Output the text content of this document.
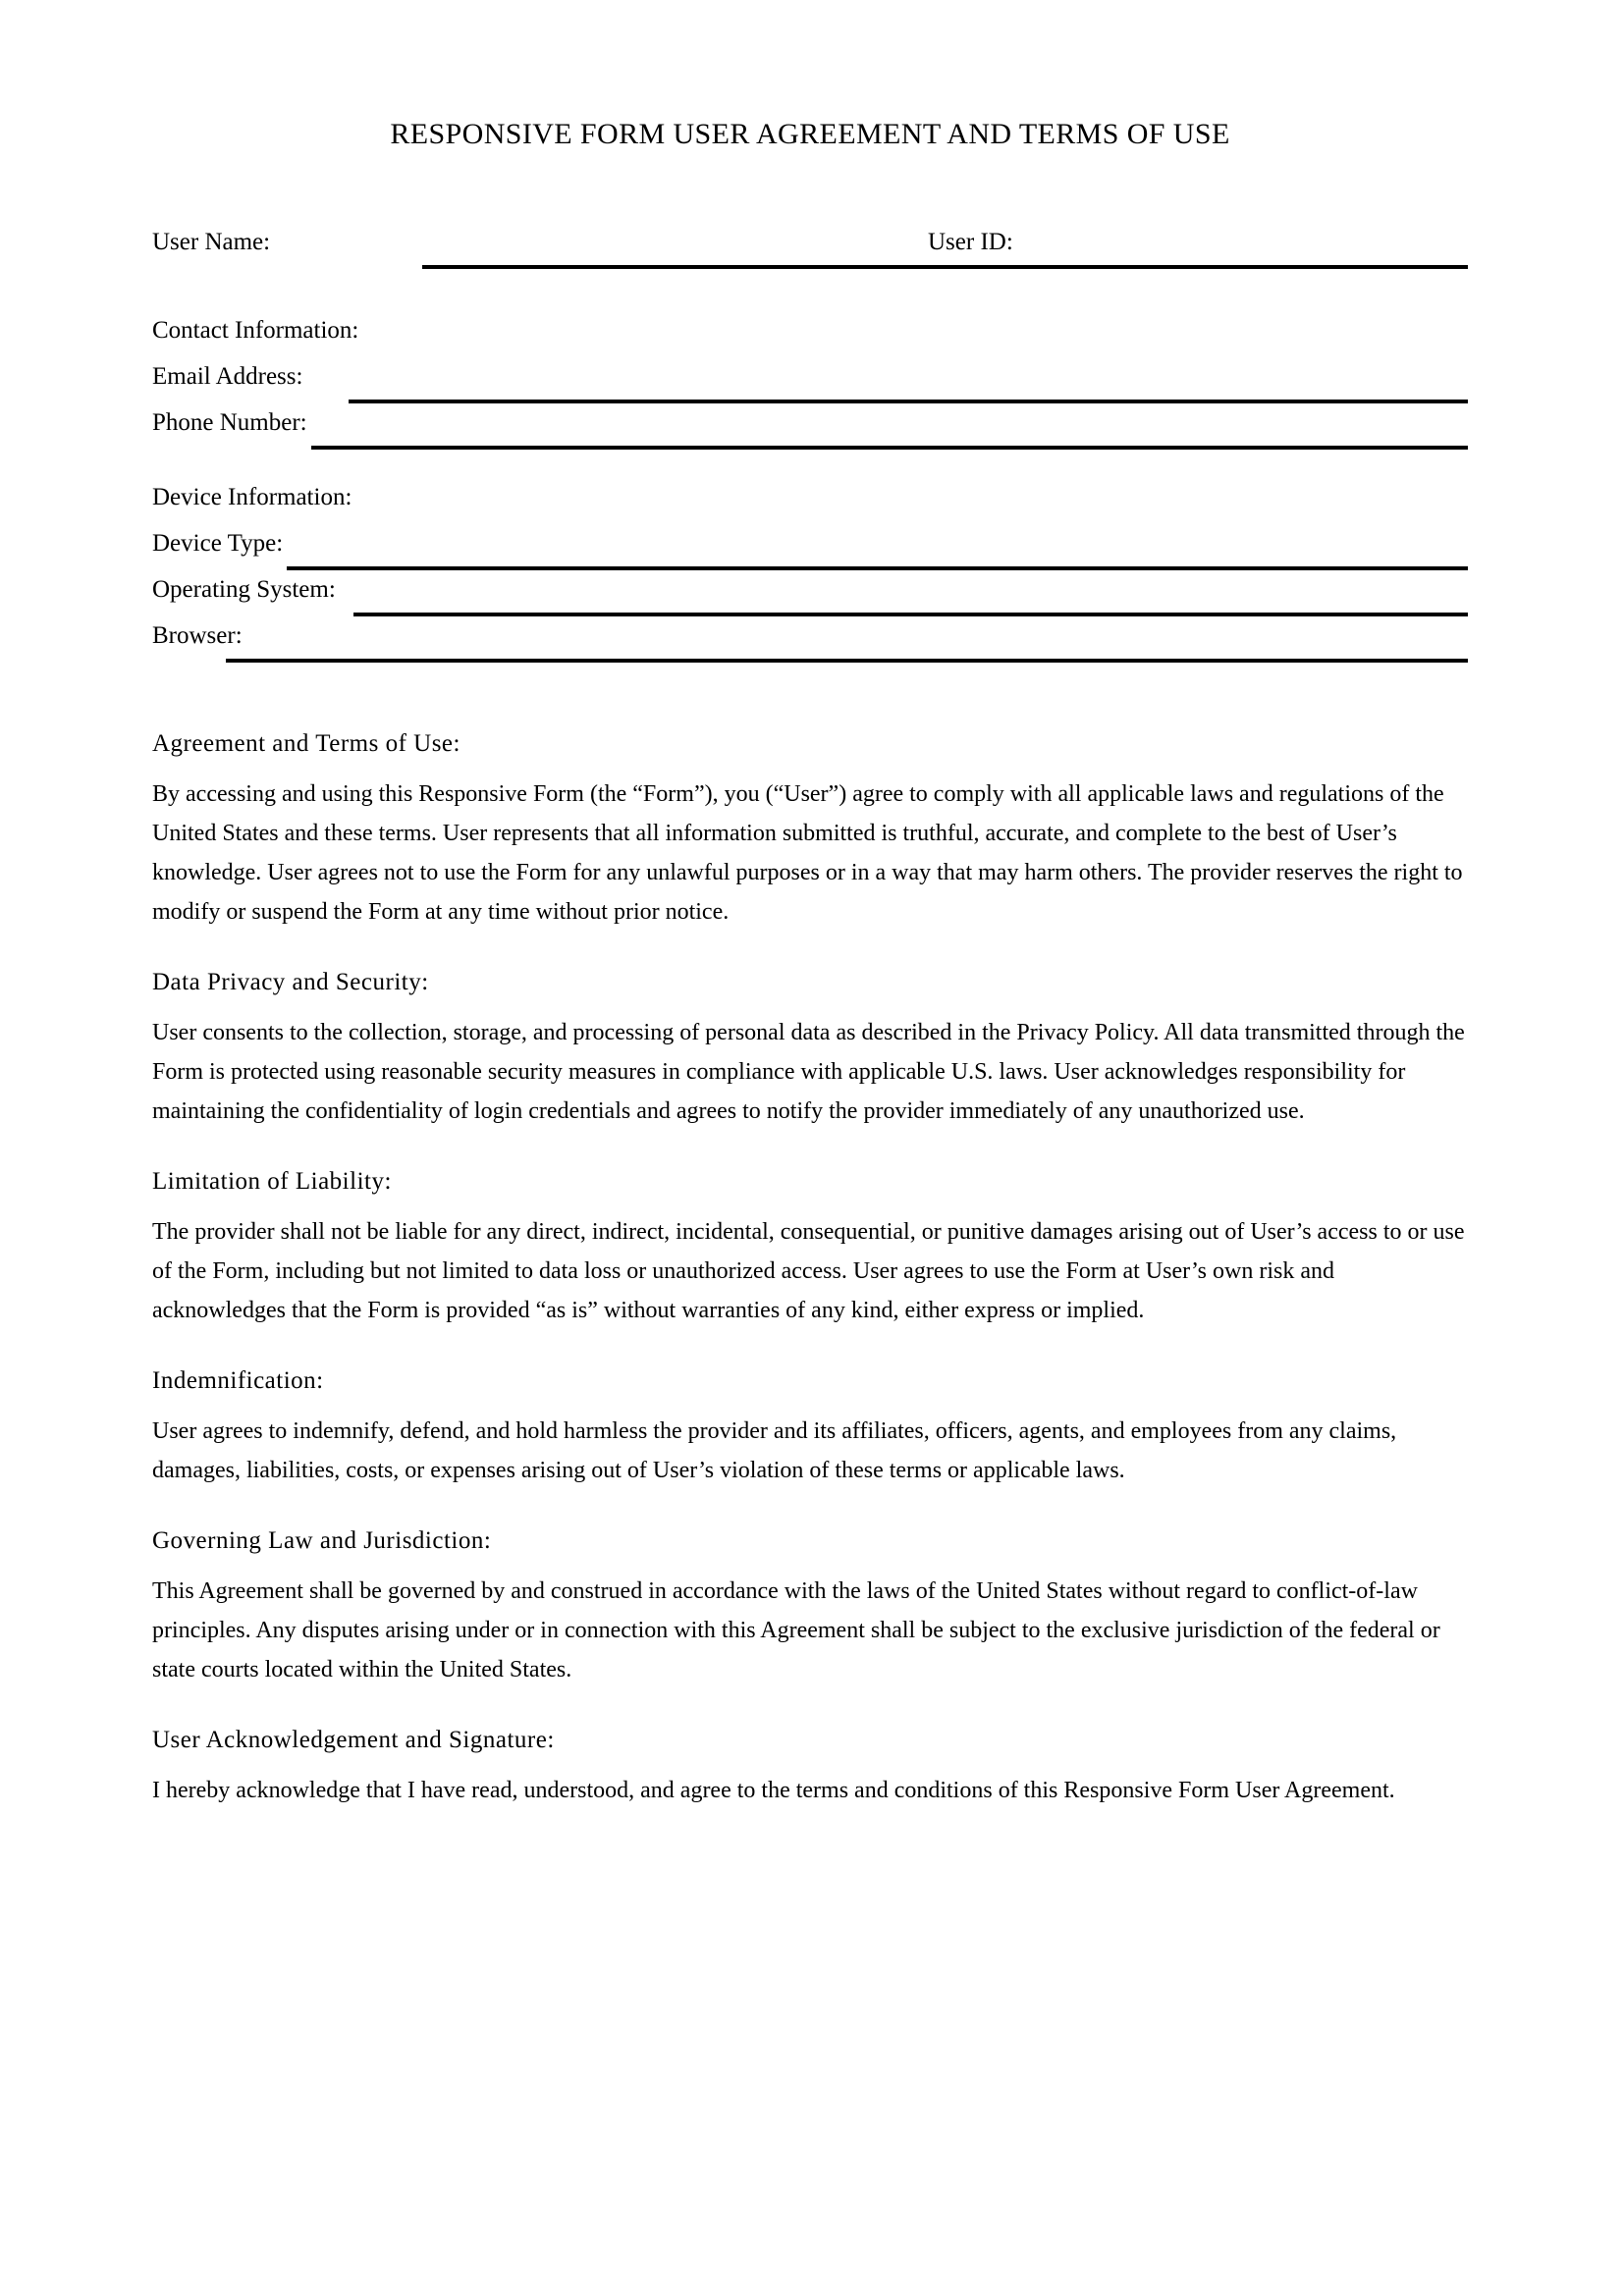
RESPONSIVE FORM USER AGREEMENT AND TERMS OF USE
User Name:	User ID:
Contact Information:
Email Address:
Phone Number:
Device Information:
Device Type:
Operating System:
Browser:
Agreement and Terms of Use:
By accessing and using this Responsive Form (the “Form”), you (“User”) agree to comply with all applicable laws and regulations of the United States and these terms. User represents that all information submitted is truthful, accurate, and complete to the best of User’s knowledge. User agrees not to use the Form for any unlawful purposes or in a way that may harm others. The provider reserves the right to modify or suspend the Form at any time without prior notice.
Data Privacy and Security:
User consents to the collection, storage, and processing of personal data as described in the Privacy Policy. All data transmitted through the Form is protected using reasonable security measures in compliance with applicable U.S. laws. User acknowledges responsibility for maintaining the confidentiality of login credentials and agrees to notify the provider immediately of any unauthorized use.
Limitation of Liability:
The provider shall not be liable for any direct, indirect, incidental, consequential, or punitive damages arising out of User’s access to or use of the Form, including but not limited to data loss or unauthorized access. User agrees to use the Form at User’s own risk and acknowledges that the Form is provided “as is” without warranties of any kind, either express or implied.
Indemnification:
User agrees to indemnify, defend, and hold harmless the provider and its affiliates, officers, agents, and employees from any claims, damages, liabilities, costs, or expenses arising out of User’s violation of these terms or applicable laws.
Governing Law and Jurisdiction:
This Agreement shall be governed by and construed in accordance with the laws of the United States without regard to conflict-of-law principles. Any disputes arising under or in connection with this Agreement shall be subject to the exclusive jurisdiction of the federal or state courts located within the United States.
User Acknowledgement and Signature:
I hereby acknowledge that I have read, understood, and agree to the terms and conditions of this Responsive Form User Agreement.
